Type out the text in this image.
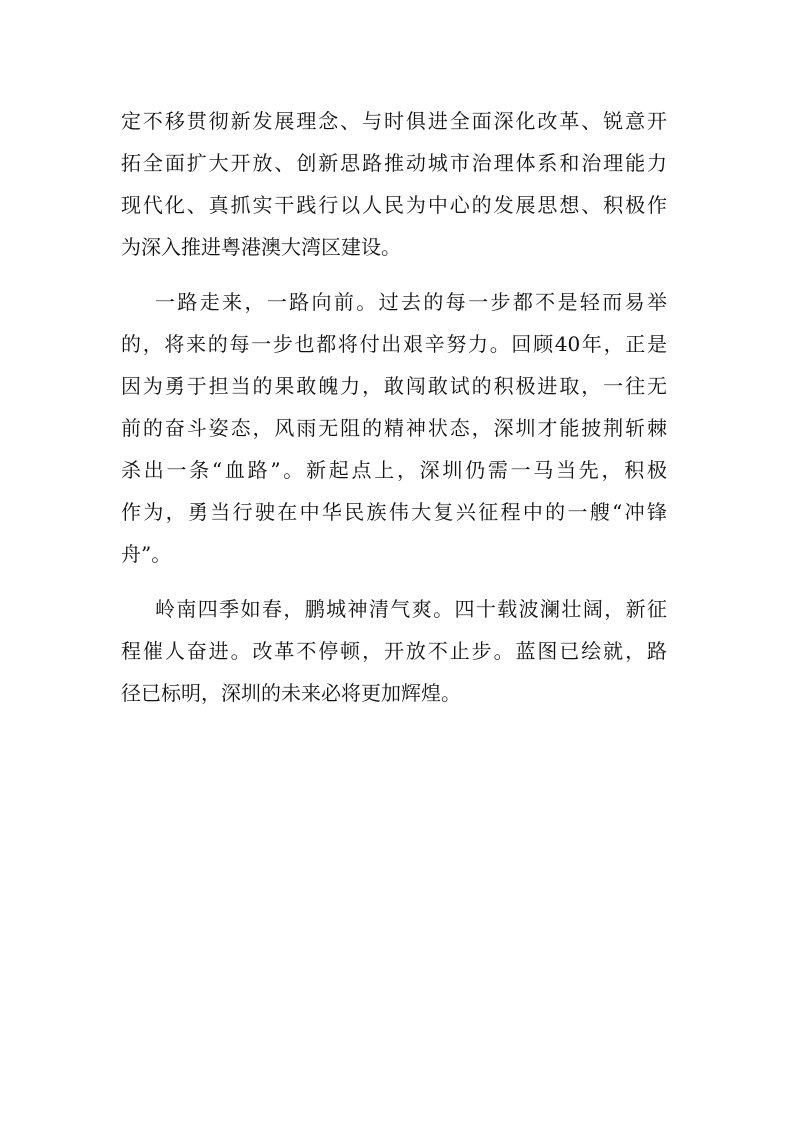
定不移贯彻新发展理念、与时俱进全面深化改革、锐意开
拓全面扩大开放、创新思路推动城市治理体系和治理能力
现代化、真抓实干践行以人民为中心的发展思想、积极作
为深入推进粤港澳大湾区建设。

一路走来，一路向前。过去的每一步都不是轻而易举
的，将来的每一步也都将付出艰辛努力。回顾40年，正是
因为勇于担当的果敢魄力，敢闯敢试的积极进取，一往无
前的奋斗姿态，风雨无阻的精神状态，深圳才能披荆斩棘
杀出一条“血路”。新起点上，深圳仍需一马当先，积极
作为，勇当行驶在中华民族伟大复兴征程中的一艘“冲锋
舟”。

岭南四季如春，鹏城神清气爽。四十载波澜壮阔，新征
程催人奋进。改革不停顿，开放不止步。蓝图已绘就，路
径已标明，深圳的未来必将更加辉煌。
